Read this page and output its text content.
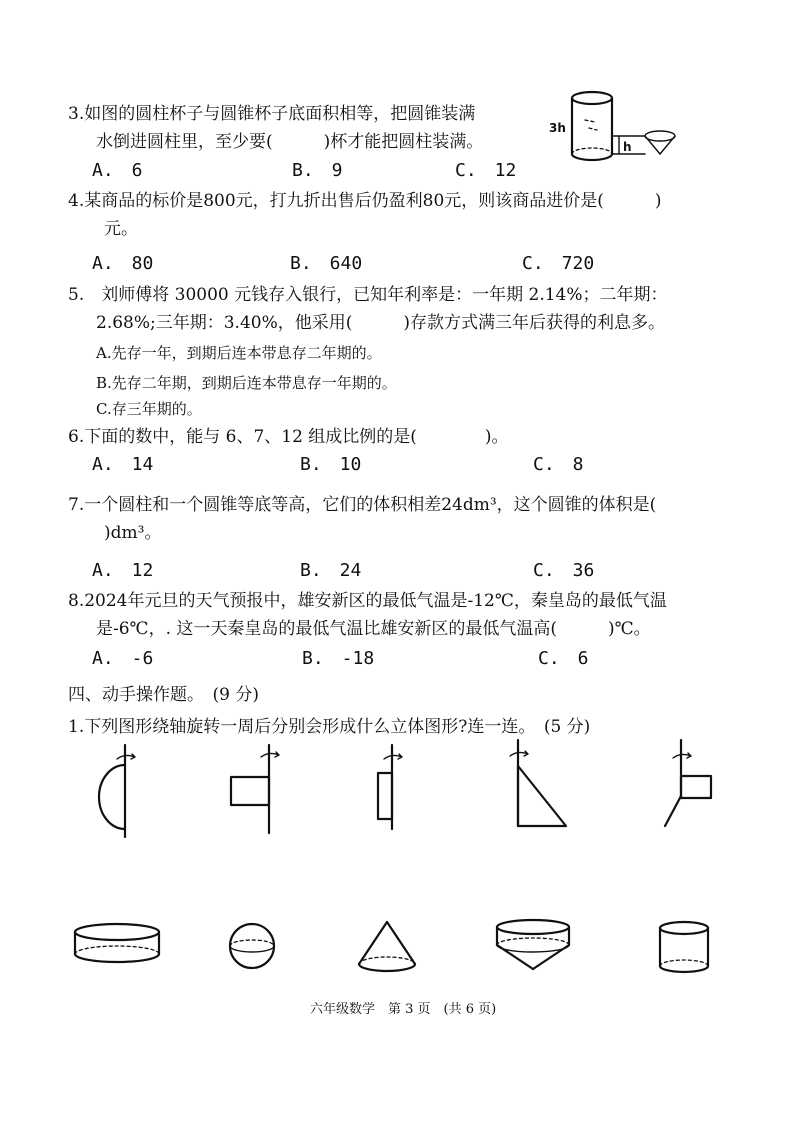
3.如图的圆柱杯子与圆锥杯子底面积相等，把圆锥装满
水倒进圆柱里，至少要(　　　)杯才能把圆柱装满。
A.　6	B.　9	C.　12
3h
h
4.某商品的标价是800元，打九折出售后仍盈利80元，则该商品进价是(　　　)
元。
A.　80	B.　640	C.　720
5.　刘师傅将 30000 元钱存入银行，已知年利率是：一年期 2.14%；二年期：
2.68%;三年期：3.40%，他采用(　　　)存款方式满三年后获得的利息多。
A.先存一年，到期后连本带息存二年期的。
B.先存二年期，到期后连本带息存一年期的。
C.存三年期的。
6.下面的数中，能与 6、7、12 组成比例的是(　　　　)。
A.　14	B.　10	C.　8
7.一个圆柱和一个圆锥等底等高，它们的体积相差24dm³，这个圆锥的体积是(
)dm³。
A.　12	B.　24	C.　36
8.2024年元旦的天气预报中，雄安新区的最低气温是-12℃，秦皇岛的最低气温
是-6℃，. 这一天秦皇岛的最低气温比雄安新区的最低气温高(　　　)℃。
A.　-6	B.　-18	C.　6
四、动手操作题。　(9 分)
1.下列图形绕轴旋转一周后分别会形成什么立体图形?连一连。　(5 分)
六年级数学　第 3 页　(共 6 页)
